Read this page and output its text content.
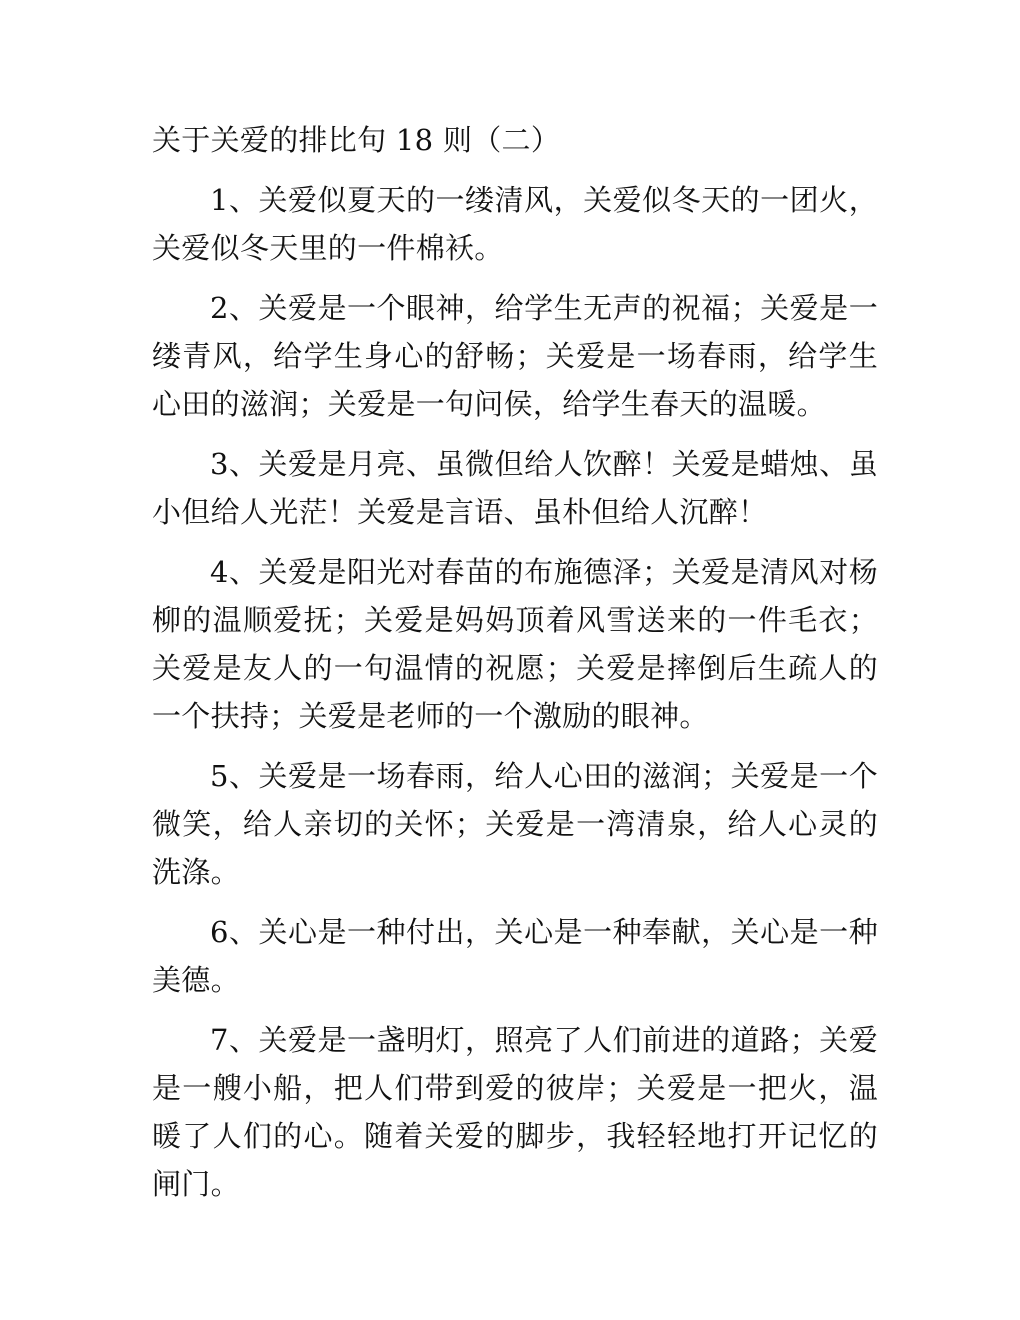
关于关爱的排比句 18 则（二）

1、关爱似夏天的一缕清风，关爱似冬天的一团火，关爱似冬天里的一件棉袄。

2、关爱是一个眼神，给学生无声的祝福；关爱是一缕青风，给学生身心的舒畅；关爱是一场春雨，给学生心田的滋润；关爱是一句问侯，给学生春天的温暖。

3、关爱是月亮、虽微但给人饮醉！关爱是蜡烛、虽小但给人光茫！关爱是言语、虽朴但给人沉醉！

4、关爱是阳光对春苗的布施德泽；关爱是清风对杨柳的温顺爱抚；关爱是妈妈顶着风雪送来的一件毛衣；关爱是友人的一句温情的祝愿；关爱是摔倒后生疏人的一个扶持；关爱是老师的一个激励的眼神。

5、关爱是一场春雨，给人心田的滋润；关爱是一个微笑，给人亲切的关怀；关爱是一湾清泉，给人心灵的洗涤。

6、关心是一种付出，关心是一种奉献，关心是一种美德。

7、关爱是一盏明灯，照亮了人们前进的道路；关爱是一艘小船，把人们带到爱的彼岸；关爱是一把火，温暖了人们的心。随着关爱的脚步，我轻轻地打开记忆的闸门。
